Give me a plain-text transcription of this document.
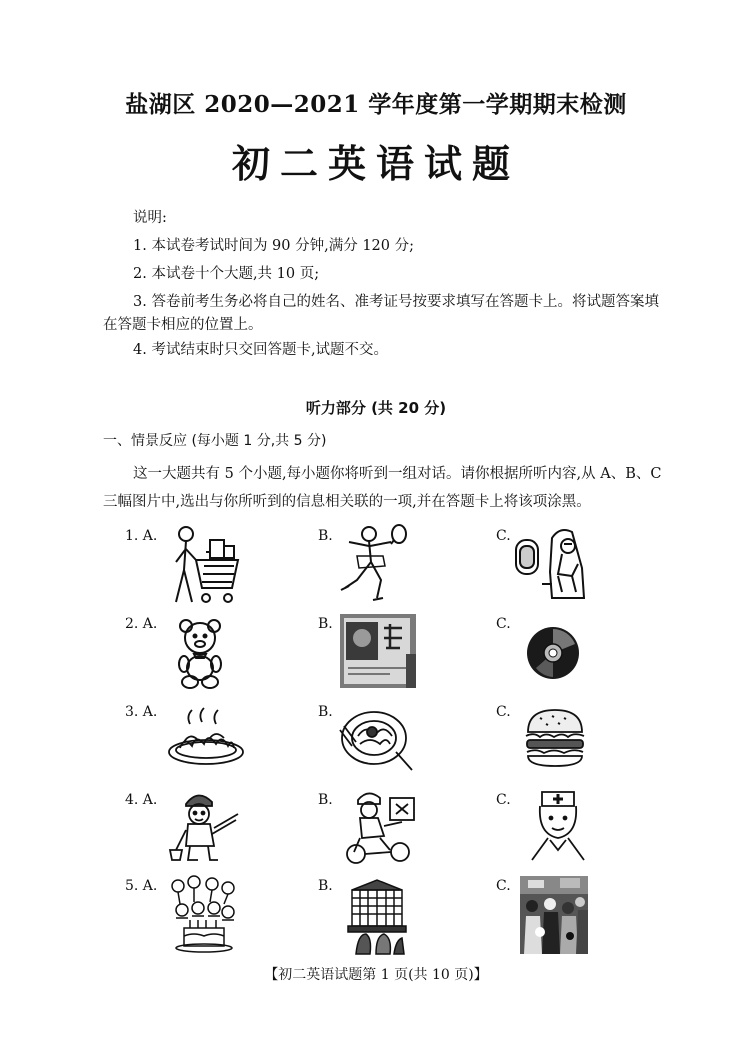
盐湖区 2020—2021 学年度第一学期期末检测
初二英语试题
说明:
1. 本试卷考试时间为 90 分钟,满分 120 分;
2. 本试卷十个大题,共 10 页;
3. 答卷前考生务必将自己的姓名、准考证号按要求填写在答题卡上。将试题答案填
在答题卡相应的位置上。
4. 考试结束时只交回答题卡,试题不交。
听力部分 (共 20 分)
一、情景反应 (每小题 1 分,共 5 分)
这一大题共有 5 个小题,每小题你将听到一组对话。请你根据所听内容,从 A、B、C
三幅图片中,选出与你所听到的信息相关联的一项,并在答题卡上将该项涂黑。
1. A.	B.	C.
2. A.	B.	C.
3. A.	B.	C.
4. A.	B.	C.
5. A.	B.	C.
【初二英语试题第 1 页(共 10 页)】
